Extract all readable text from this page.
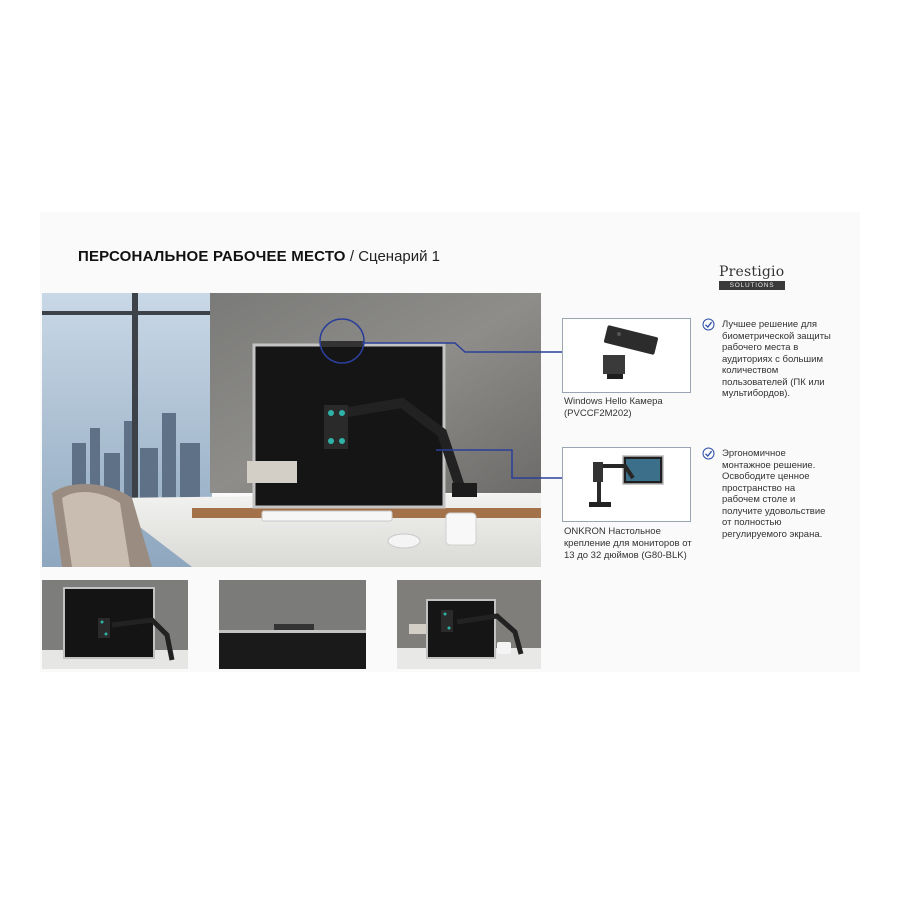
ПЕРСОНАЛЬНОЕ РАБОЧЕЕ МЕСТО / Сценарий 1
Prestigio
SOLUTIONS
Windows Hello Камера (PVCCF2M202)
Лучшее решение для биометрической защиты рабочего места в аудиториях с большим количеством пользователей (ПК или мультибордов).
ONKRON Настольное крепление для мониторов от 13 до 32 дюймов (G80-BLK)
Эргономичное монтажное решение. Освободите ценное пространство на рабочем столе и получите удовольствие от полностью регулируемого экрана.
